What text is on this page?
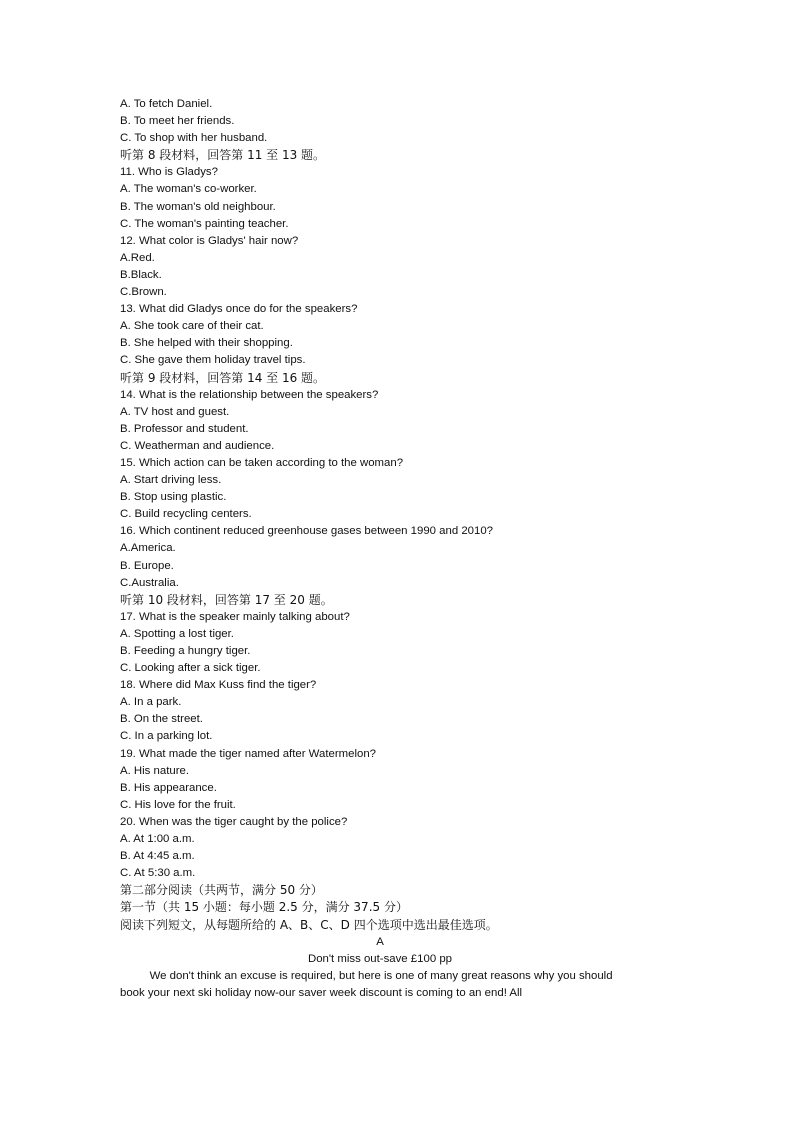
A. To fetch Daniel.
B. To meet her friends.
C. To shop with her husband.
听第 8 段材料，回答第 11 至 13 题。
11. Who is Gladys?
A. The woman's co-worker.
B. The woman's old neighbour.
C. The woman's painting teacher.
12. What color is Gladys' hair now?
A.Red.
B.Black.
C.Brown.
13. What did Gladys once do for the speakers?
A. She took care of their cat.
B. She helped with their shopping.
C. She gave them holiday travel tips.
听第 9 段材料，回答第 14 至 16 题。
14. What is the relationship between the speakers?
A. TV host and guest.
B. Professor and student.
C. Weatherman and audience.
15. Which action can be taken according to the woman?
A. Start driving less.
B. Stop using plastic.
C. Build recycling centers.
16. Which continent reduced greenhouse gases between 1990 and 2010?
A.America.
B. Europe.
C.Australia.
听第 10 段材料，回答第 17 至 20 题。
17. What is the speaker mainly talking about?
A. Spotting a lost tiger.
B. Feeding a hungry tiger.
C. Looking after a sick tiger.
18. Where did Max Kuss find the tiger?
A. In a park.
B. On the street.
C. In a parking lot.
19. What made the tiger named after Watermelon?
A. His nature.
B. His appearance.
C. His love for the fruit.
20. When was the tiger caught by the police?
A. At 1:00 a.m.
B. At 4:45 a.m.
C. At 5:30 a.m.
第二部分阅读（共两节，满分 50 分）
第一节（共 15 小题：每小题 2.5 分，满分 37.5 分）
阅读下列短文，从每题所给的 A、B、C、D 四个选项中选出最佳选项。
A
Don't miss out-save £100 pp
We don't think an excuse is required, but here is one of many great reasons why you should book your next ski holiday now-our saver week discount is coming to an end! All
